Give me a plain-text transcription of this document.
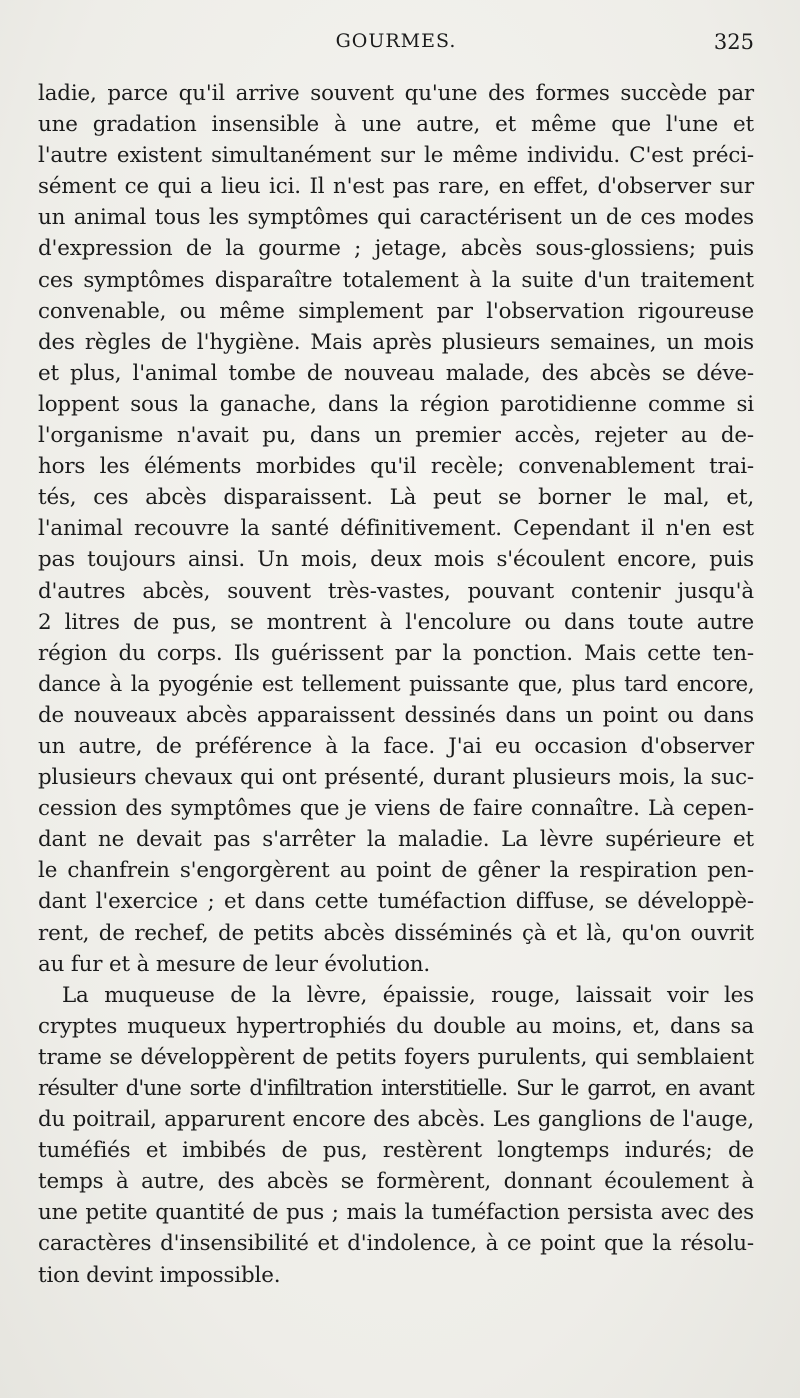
GOURMES.	325

ladie, parce qu'il arrive souvent qu'une des formes succède par
une gradation insensible à une autre, et même que l'une et
l'autre existent simultanément sur le même individu. C'est préci-
sément ce qui a lieu ici. Il n'est pas rare, en effet, d'observer sur
un animal tous les symptômes qui caractérisent un de ces modes
d'expression de la gourme ; jetage, abcès sous-glossiens; puis
ces symptômes disparaître totalement à la suite d'un traitement
convenable, ou même simplement par l'observation rigoureuse
des règles de l'hygiène. Mais après plusieurs semaines, un mois
et plus, l'animal tombe de nouveau malade, des abcès se déve-
loppent sous la ganache, dans la région parotidienne comme si
l'organisme n'avait pu, dans un premier accès, rejeter au de-
hors les éléments morbides qu'il recèle; convenablement trai-
tés, ces abcès disparaissent. Là peut se borner le mal, et,
l'animal recouvre la santé définitivement. Cependant il n'en est
pas toujours ainsi. Un mois, deux mois s'écoulent encore, puis
d'autres abcès, souvent très-vastes, pouvant contenir jusqu'à
2 litres de pus, se montrent à l'encolure ou dans toute autre
région du corps. Ils guérissent par la ponction. Mais cette ten-
dance à la pyogénie est tellement puissante que, plus tard encore,
de nouveaux abcès apparaissent dessinés dans un point ou dans
un autre, de préférence à la face. J'ai eu occasion d'observer
plusieurs chevaux qui ont présenté, durant plusieurs mois, la suc-
cession des symptômes que je viens de faire connaître. Là cepen-
dant ne devait pas s'arrêter la maladie. La lèvre supérieure et
le chanfrein s'engorgèrent au point de gêner la respiration pen-
dant l'exercice ; et dans cette tuméfaction diffuse, se développè-
rent, de rechef, de petits abcès disséminés çà et là, qu'on ouvrit
au fur et à mesure de leur évolution.

La muqueuse de la lèvre, épaissie, rouge, laissait voir les
cryptes muqueux hypertrophiés du double au moins, et, dans sa
trame se développèrent de petits foyers purulents, qui semblaient
résulter d'une sorte d'infiltration interstitielle. Sur le garrot, en avant
du poitrail, apparurent encore des abcès. Les ganglions de l'auge,
tuméfiés et imbibés de pus, restèrent longtemps indurés; de
temps à autre, des abcès se formèrent, donnant écoulement à
une petite quantité de pus ; mais la tuméfaction persista avec des
caractères d'insensibilité et d'indolence, à ce point que la résolu-
tion devint impossible.
